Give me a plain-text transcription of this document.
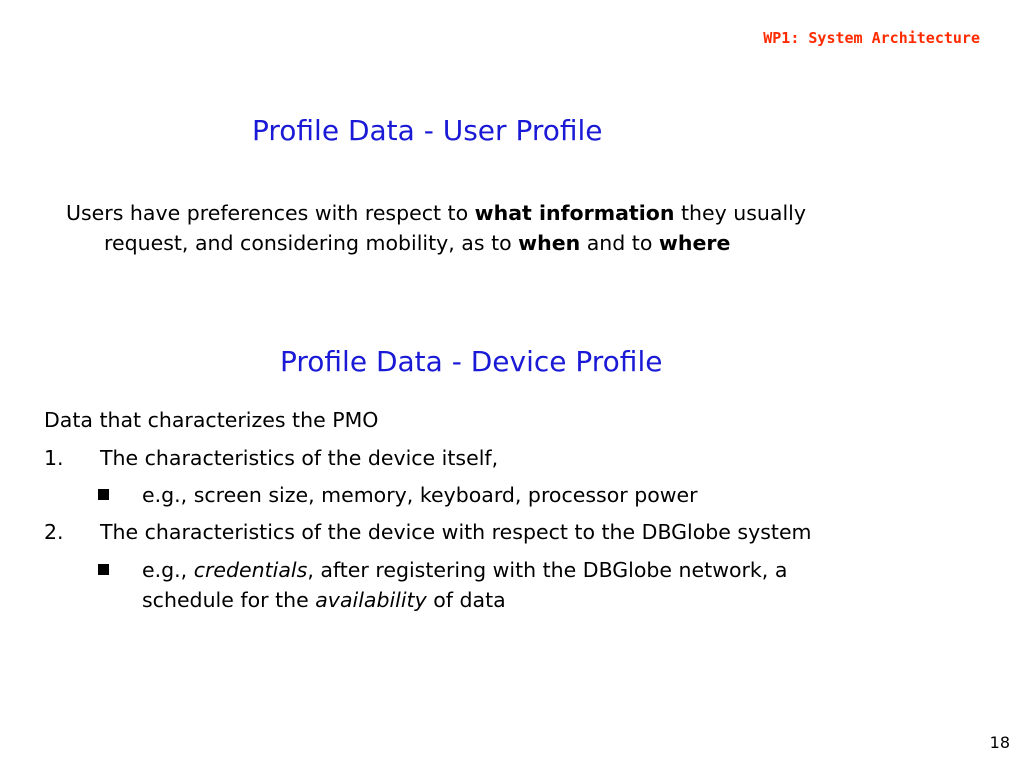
WP1: System Architecture
Profile Data - User Profile
Users have preferences with respect to what information they usually
request, and considering mobility, as to when and to where
Profile Data - Device Profile
Data that characterizes the PMO
1. The characteristics of the device itself,
e.g., screen size, memory, keyboard, processor power
2. The characteristics of the device with respect to the DBGlobe system
e.g., credentials, after registering with the DBGlobe network, a
schedule for the availability of data
18
